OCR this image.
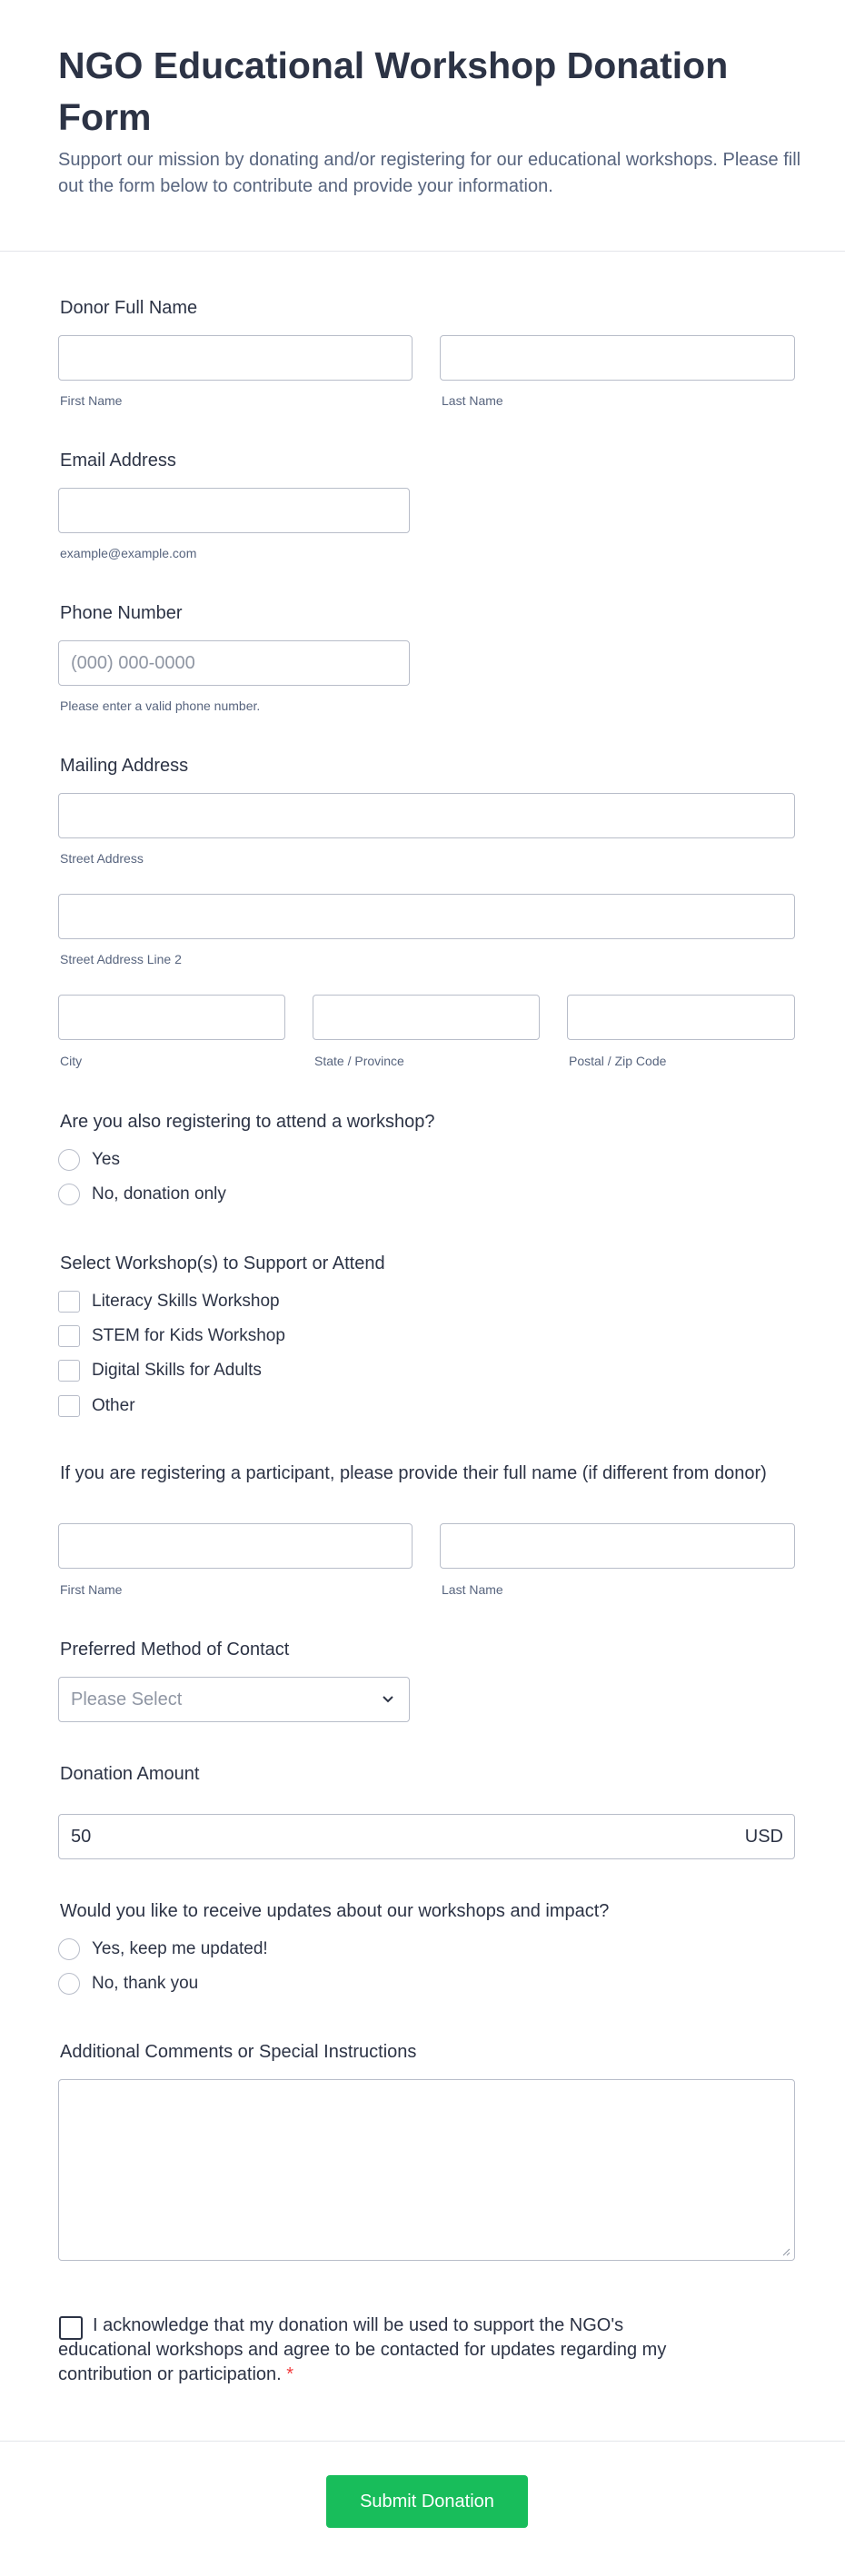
NGO Educational Workshop Donation Form
Support our mission by donating and/or registering for our educational workshops. Please fill out the form below to contribute and provide your information.
Donor Full Name
First Name	Last Name
Email Address
example@example.com
Phone Number
(000) 000-0000
Please enter a valid phone number.
Mailing Address
Street Address
Street Address Line 2
City	State / Province	Postal / Zip Code
Are you also registering to attend a workshop?
Yes
No, donation only
Select Workshop(s) to Support or Attend
Literacy Skills Workshop
STEM for Kids Workshop
Digital Skills for Adults
Other
If you are registering a participant, please provide their full name (if different from donor)
First Name	Last Name
Preferred Method of Contact
Please Select
Donation Amount
50	USD
Would you like to receive updates about our workshops and impact?
Yes, keep me updated!
No, thank you
Additional Comments or Special Instructions
I acknowledge that my donation will be used to support the NGO's educational workshops and agree to be contacted for updates regarding my contribution or participation. *
Submit Donation
